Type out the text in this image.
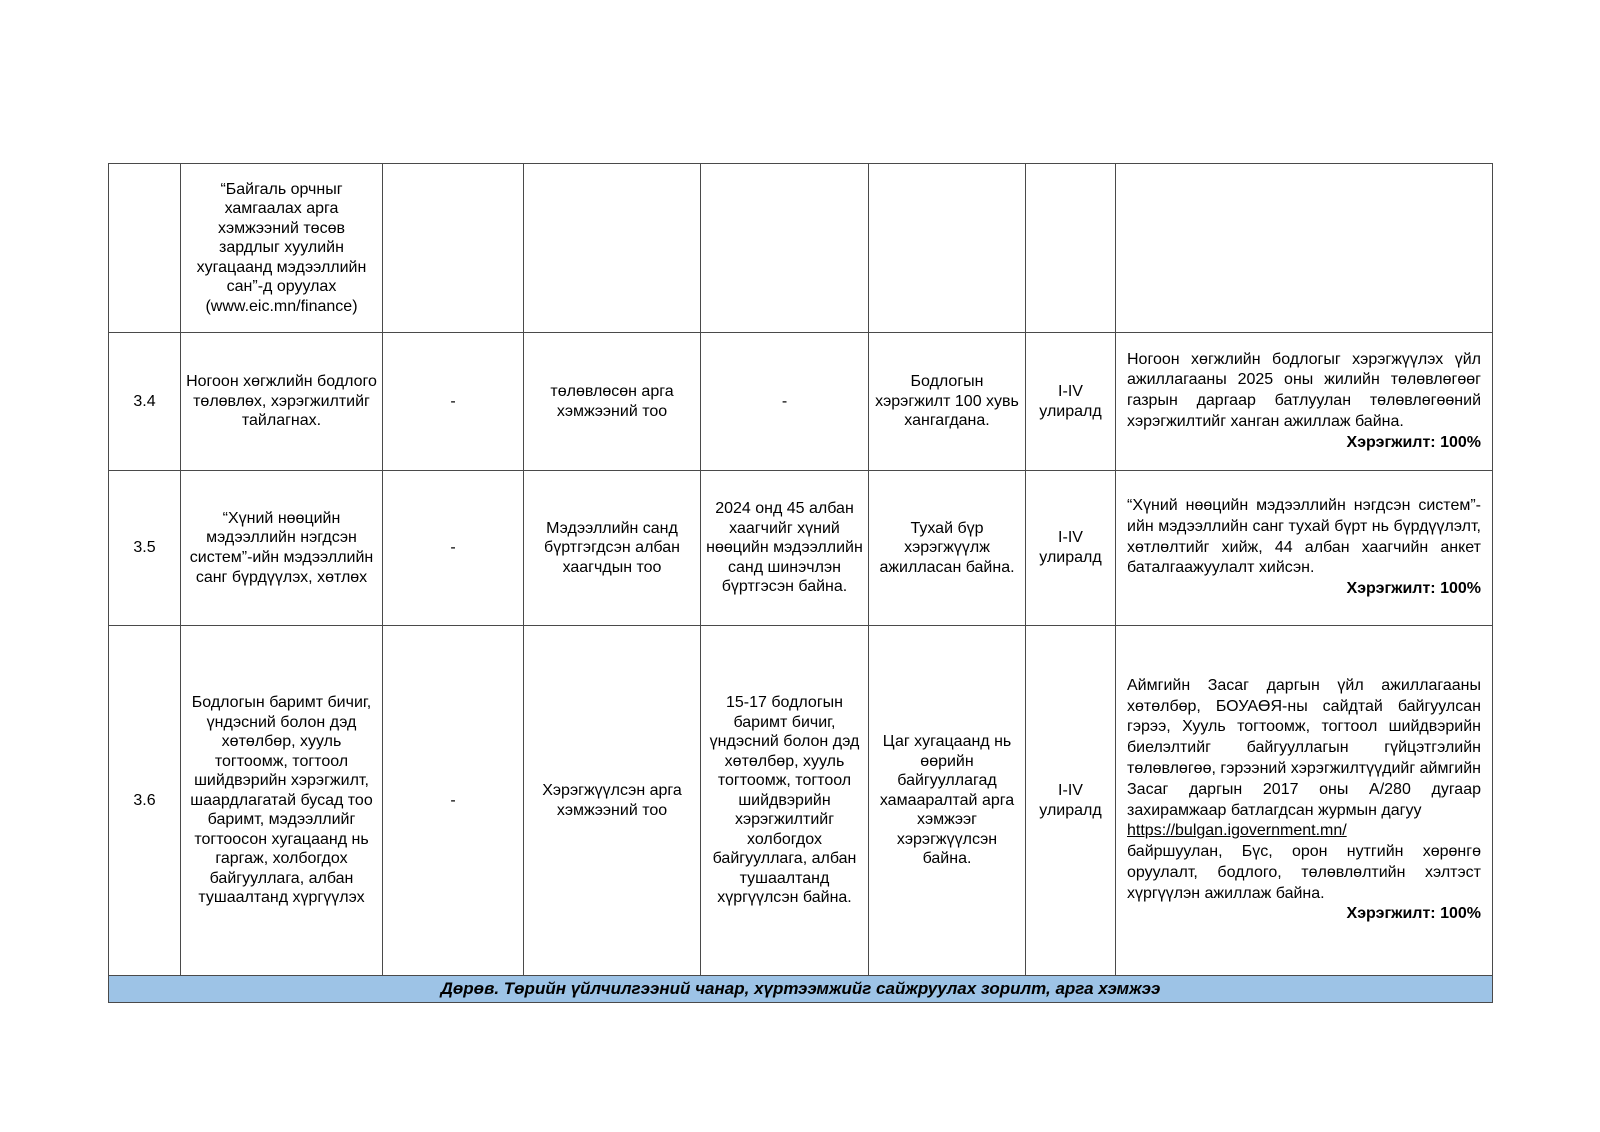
	“Байгаль орчныг хамгаалах арга хэмжээний төсөв зардлыг хуулийн хугацаанд мэдээллийн сан”-д оруулах (www.eic.mn/finance)						
3.4	Ногоон хөгжлийн бодлого төлөвлөх, хэрэгжилтийг тайлагнах.	-	төлөвлөсөн арга хэмжээний тоо	-	Бодлогын хэрэгжилт 100 хувь хангагдана.	I-IV улиралд	Ногоон хөгжлийн бодлогыг хэрэгжүүлэх үйл ажиллагааны 2025 оны жилийн төлөвлөгөөг газрын даргаар батлуулан төлөвлөгөөний хэрэгжилтийг ханган ажиллаж байна.
Хэрэгжилт: 100%

3.5	“Хүний нөөцийн мэдээллийн нэгдсэн систем”-ийн мэдээллийн санг бүрдүүлэх, хөтлөх	-	Мэдээллийн санд бүртгэгдсэн албан хаагчдын тоо	2024 онд 45 албан хаагчийг хүний нөөцийн мэдээллийн санд шинэчлэн бүртгэсэн байна.	Тухай бүр хэрэгжүүлж ажилласан байна.	I-IV улиралд	“Хүний нөөцийн мэдээллийн нэгдсэн систем”-ийн мэдээллийн санг тухай бүрт нь бүрдүүлэлт, хөтлөлтийг хийж, 44 албан хаагчийн анкет баталгаажуулалт хийсэн.
Хэрэгжилт: 100%

3.6	Бодлогын баримт бичиг, үндэсний болон дэд хөтөлбөр, хууль тогтоомж, тогтоол шийдвэрийн хэрэгжилт, шаардлагатай бусад тоо баримт, мэдээллийг тогтоосон хугацаанд нь гаргаж, холбогдох байгууллага, албан тушаалтанд хүргүүлэх	-	Хэрэгжүүлсэн арга хэмжээний тоо	15-17 бодлогын баримт бичиг, үндэсний болон дэд хөтөлбөр, хууль тогтоомж, тогтоол шийдвэрийн хэрэгжилтийг холбогдох байгууллага, албан тушаалтанд хүргүүлсэн байна.	Цаг хугацаанд нь өөрийн байгууллагад хамааралтай арга хэмжээг хэрэгжүүлсэн байна.	I-IV улиралд	
Аймгийн Засаг даргын үйл ажиллагааны хөтөлбөр, БОУАӨЯ-ны сайдтай байгуулсан гэрээ, Хууль тогтоомж, тогтоол шийдвэрийн биелэлтийг байгууллагын гүйцэтгэлийн төлөвлөгөө, гэрээний хэрэгжилтүүдийг аймгийн Засаг даргын 2017 оны А/280 дугаар захирамжаар батлагдсан журмын дагуу
https://bulgan.igovernment.mn/
байршуулан, Бүс, орон нутгийн хөрөнгө оруулалт, бодлого, төлөвлөлтийн хэлтэст хүргүүлэн ажиллаж байна.
Хэрэгжилт: 100%

Дөрөв. Төрийн үйлчилгээний чанар, хүртээмжийг сайжруулах зорилт, арга хэмжээ							
